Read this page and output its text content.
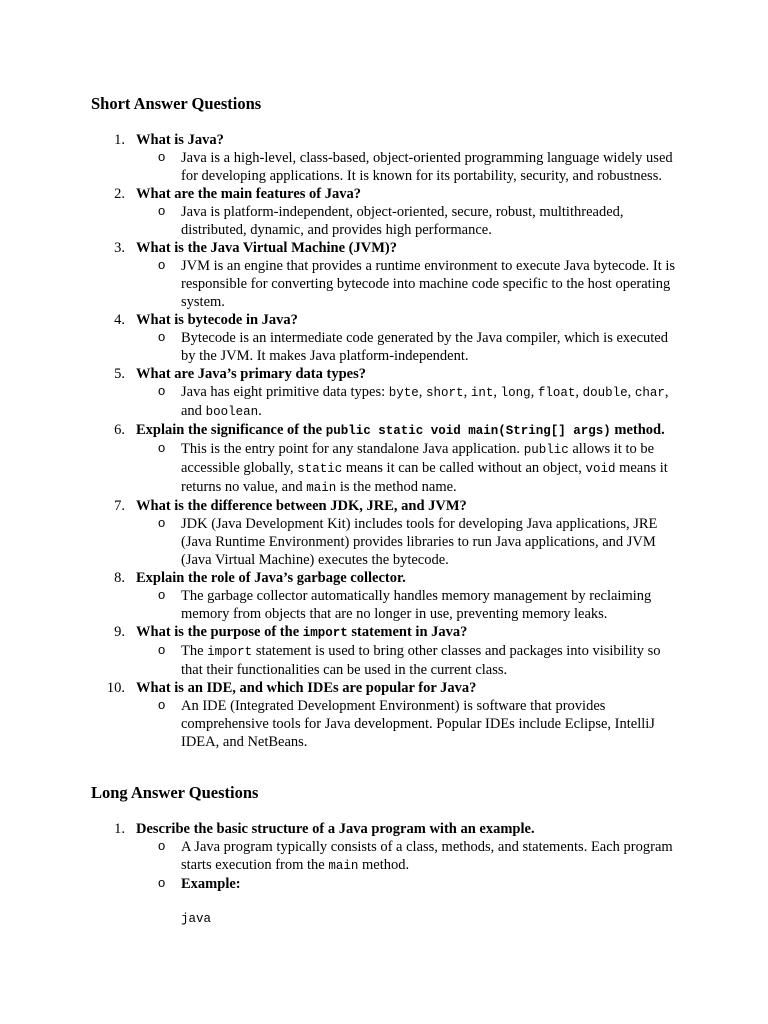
Short Answer Questions
1. What is Java?
o Java is a high-level, class-based, object-oriented programming language widely used for developing applications. It is known for its portability, security, and robustness.
2. What are the main features of Java?
o Java is platform-independent, object-oriented, secure, robust, multithreaded, distributed, dynamic, and provides high performance.
3. What is the Java Virtual Machine (JVM)?
o JVM is an engine that provides a runtime environment to execute Java bytecode. It is responsible for converting bytecode into machine code specific to the host operating system.
4. What is bytecode in Java?
o Bytecode is an intermediate code generated by the Java compiler, which is executed by the JVM. It makes Java platform-independent.
5. What are Java’s primary data types?
o Java has eight primitive data types: byte, short, int, long, float, double, char, and boolean.
6. Explain the significance of the public static void main(String[] args) method.
o This is the entry point for any standalone Java application. public allows it to be accessible globally, static means it can be called without an object, void means it returns no value, and main is the method name.
7. What is the difference between JDK, JRE, and JVM?
o JDK (Java Development Kit) includes tools for developing Java applications, JRE (Java Runtime Environment) provides libraries to run Java applications, and JVM (Java Virtual Machine) executes the bytecode.
8. Explain the role of Java’s garbage collector.
o The garbage collector automatically handles memory management by reclaiming memory from objects that are no longer in use, preventing memory leaks.
9. What is the purpose of the import statement in Java?
o The import statement is used to bring other classes and packages into visibility so that their functionalities can be used in the current class.
10. What is an IDE, and which IDEs are popular for Java?
o An IDE (Integrated Development Environment) is software that provides comprehensive tools for Java development. Popular IDEs include Eclipse, IntelliJ IDEA, and NetBeans.
Long Answer Questions
1. Describe the basic structure of a Java program with an example.
o A Java program typically consists of a class, methods, and statements. Each program starts execution from the main method.
o Example:
java
